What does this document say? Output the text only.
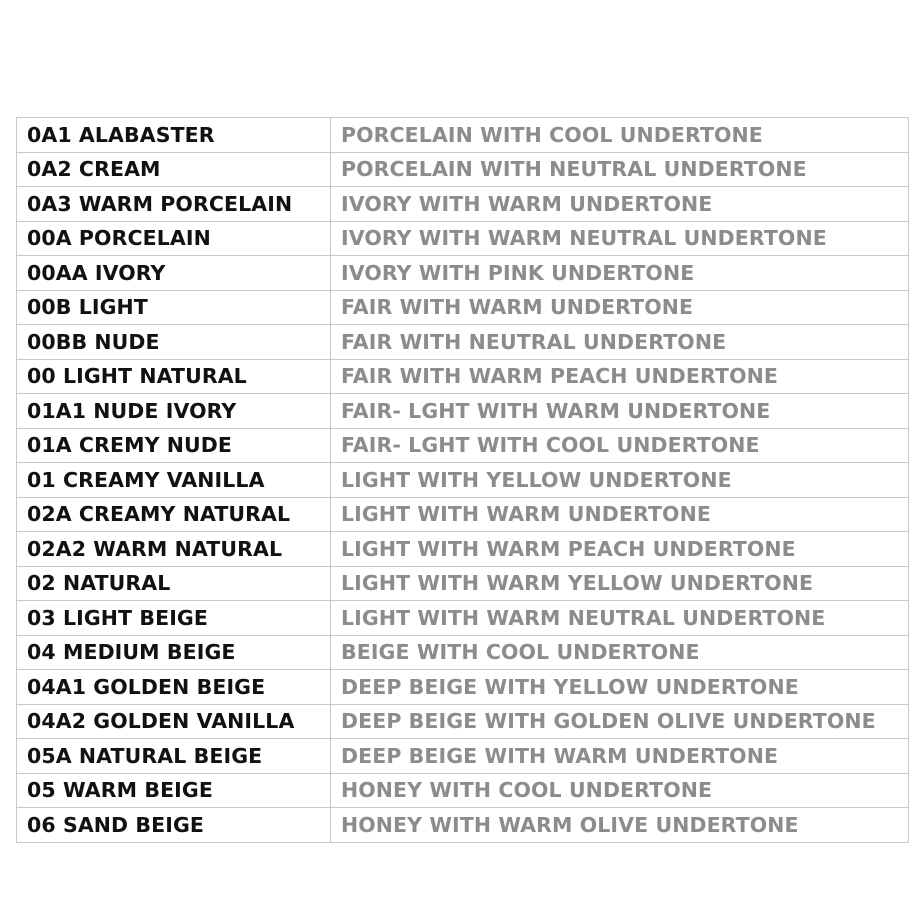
0A1 ALABASTER	PORCELAIN WITH COOL UNDERTONE
0A2 CREAM	PORCELAIN WITH NEUTRAL UNDERTONE
0A3 WARM PORCELAIN	IVORY WITH WARM UNDERTONE
00A PORCELAIN	IVORY WITH WARM NEUTRAL UNDERTONE
00AA IVORY	IVORY WITH PINK UNDERTONE
00B LIGHT	FAIR WITH WARM UNDERTONE
00BB NUDE	FAIR WITH NEUTRAL UNDERTONE
00 LIGHT NATURAL	FAIR WITH WARM PEACH UNDERTONE
01A1 NUDE IVORY	FAIR- LGHT WITH WARM UNDERTONE
01A CREMY NUDE	FAIR- LGHT WITH COOL UNDERTONE
01 CREAMY VANILLA	LIGHT WITH YELLOW UNDERTONE
02A CREAMY NATURAL	LIGHT WITH WARM UNDERTONE
02A2 WARM NATURAL	LIGHT WITH WARM PEACH UNDERTONE
02 NATURAL	LIGHT WITH WARM YELLOW UNDERTONE
03 LIGHT BEIGE	LIGHT WITH WARM NEUTRAL UNDERTONE
04 MEDIUM BEIGE	BEIGE WITH COOL UNDERTONE
04A1 GOLDEN BEIGE	DEEP BEIGE WITH YELLOW UNDERTONE
04A2 GOLDEN VANILLA	DEEP BEIGE WITH GOLDEN OLIVE UNDERTONE
05A NATURAL BEIGE	DEEP BEIGE WITH WARM UNDERTONE
05 WARM BEIGE	HONEY WITH COOL UNDERTONE
06 SAND BEIGE	HONEY WITH WARM OLIVE UNDERTONE
